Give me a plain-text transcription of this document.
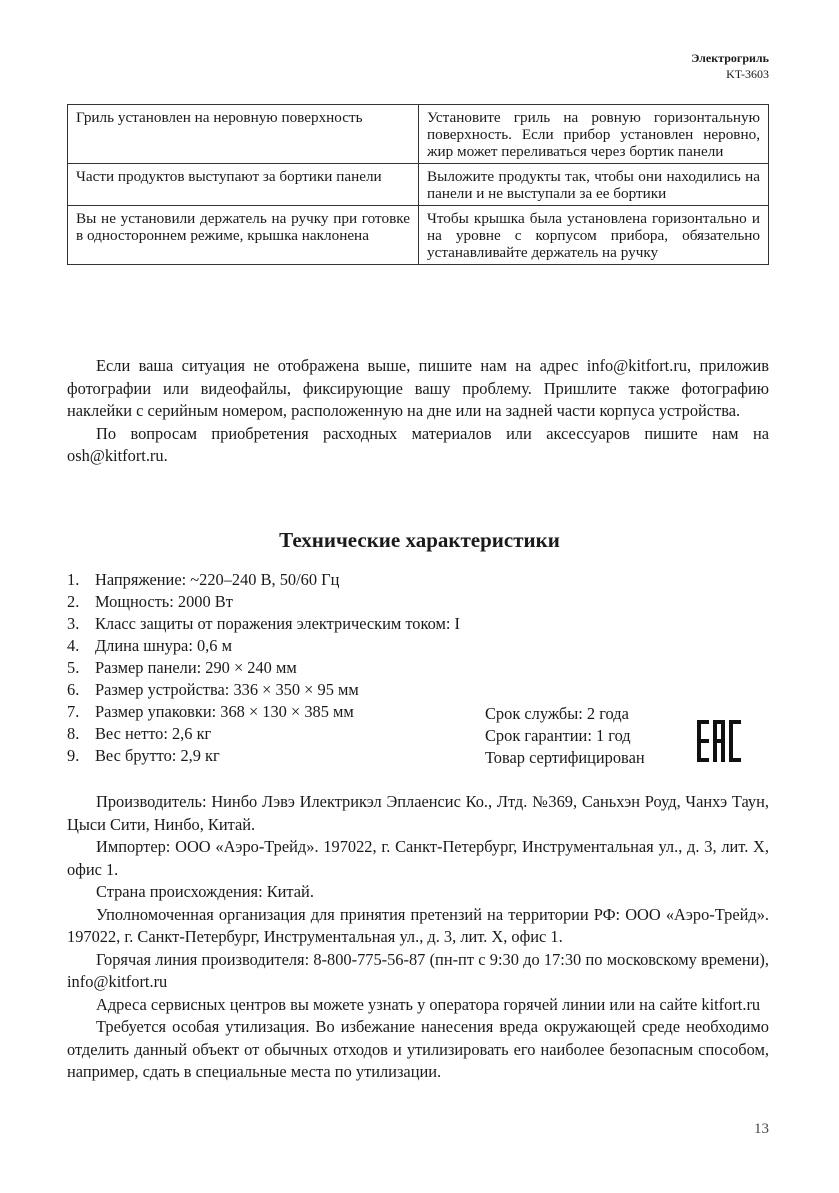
Электрогриль
KT-3603
Гриль установлен на неровную поверхность	Установите гриль на ровную горизонтальную поверхность. Если прибор установлен неровно, жир может переливаться через бортик панели
Части продуктов выступают за бортики панели	Выложите продукты так, чтобы они находились на панели и не выступали за ее бортики
Вы не установили держатель на ручку при готовке в одностороннем режиме, крышка наклонена	Чтобы крышка была установлена горизонтально и на уровне с корпусом прибора, обязательно устанавливайте держатель на ручку

Если ваша ситуация не отображена выше, пишите нам на адрес info@kitfort.ru, приложив фотографии или видеофайлы, фиксирующие вашу проблему. Пришлите также фотографию наклейки с серийным номером, расположенную на дне или на задней части корпуса устройства.

По вопросам приобретения расходных материалов или аксессуаров пишите нам на osh@kitfort.ru.

Технические характеристики
1. Напряжение: ~220–240 В, 50/60 Гц
2. Мощность: 2000 Вт
3. Класс защиты от поражения электрическим током: I
4. Длина шнура: 0,6 м
5. Размер панели: 290 × 240 мм
6. Размер устройства: 336 × 350 × 95 мм
7. Размер упаковки: 368 × 130 × 385 мм
8. Вес нетто: 2,6 кг
9. Вес брутто: 2,9 кг
Срок службы: 2 года
Срок гарантии: 1 год
Товар сертифицирован

Производитель: Нинбо Лэвэ Илектрикэл Эплаенсис Ко., Лтд. №369, Саньхэн Роуд, Чанхэ Таун, Цыси Сити, Нинбо, Китай.

Импортер: ООО «Аэро-Трейд». 197022, г. Санкт-Петербург, Инструментальная ул., д. 3, лит. Х, офис 1.

Страна происхождения: Китай.

Уполномоченная организация для принятия претензий на территории РФ: ООО «Аэро-Трейд». 197022, г. Санкт-Петербург, Инструментальная ул., д. 3, лит. Х, офис 1.

Горячая линия производителя: 8-800-775-56-87 (пн-пт с 9:30 до 17:30 по московскому времени), info@kitfort.ru

Адреса сервисных центров вы можете узнать у оператора горячей линии или на сайте kitfort.ru

Требуется особая утилизация. Во избежание нанесения вреда окружающей среде необходимо отделить данный объект от обычных отходов и утилизировать его наиболее безопасным способом, например, сдать в специальные места по утилизации.

13
